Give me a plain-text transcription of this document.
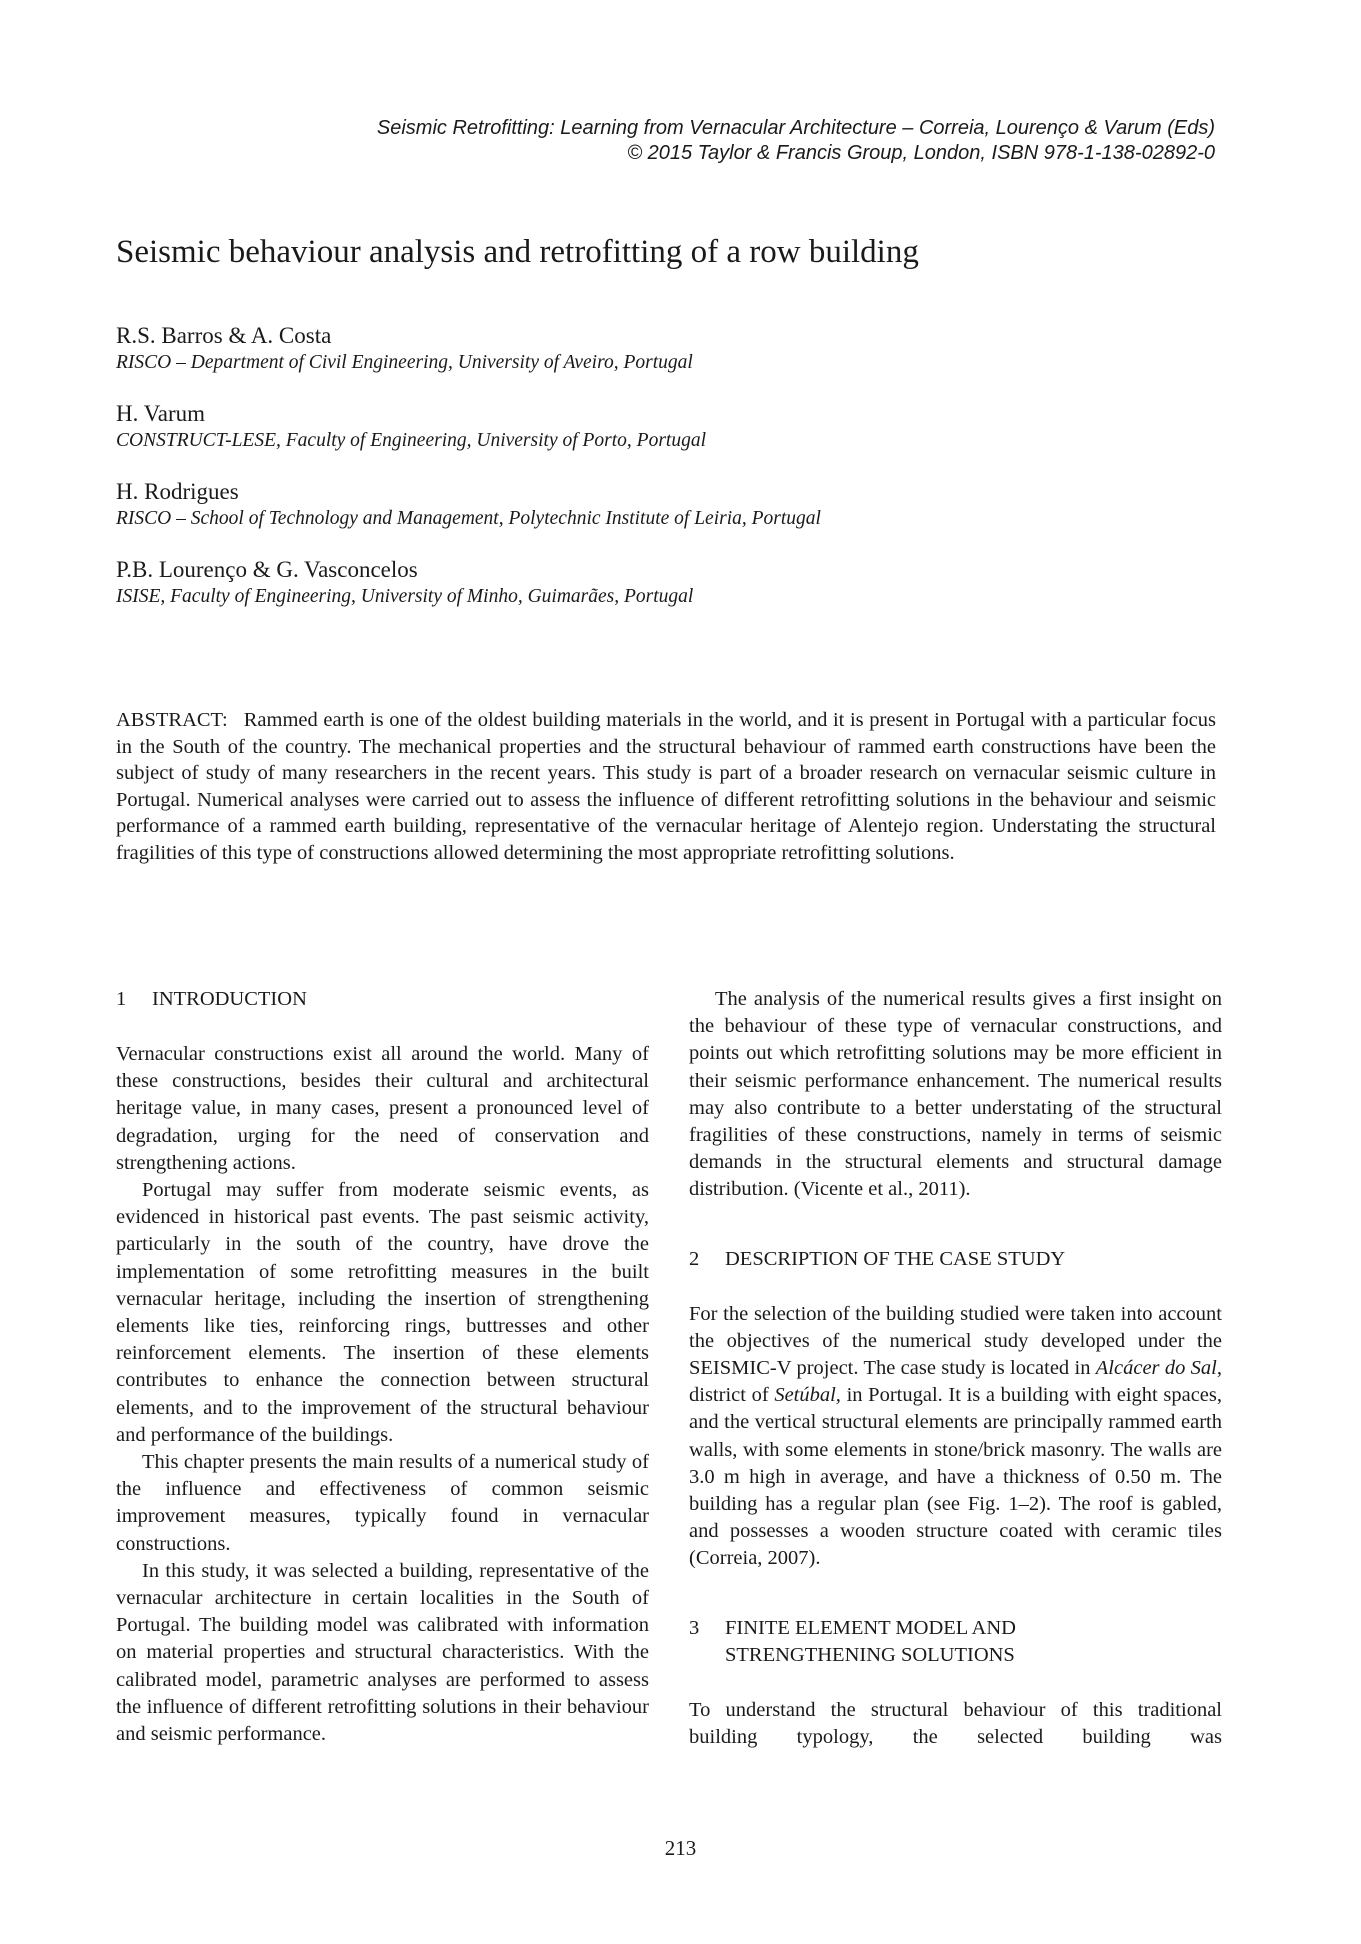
Seismic Retrofitting: Learning from Vernacular Architecture – Correia, Lourenço & Varum (Eds)
© 2015 Taylor & Francis Group, London, ISBN 978-1-138-02892-0
Seismic behaviour analysis and retrofitting of a row building
R.S. Barros & A. Costa
RISCO – Department of Civil Engineering, University of Aveiro, Portugal
H. Varum
CONSTRUCT-LESE, Faculty of Engineering, University of Porto, Portugal
H. Rodrigues
RISCO – School of Technology and Management, Polytechnic Institute of Leiria, Portugal
P.B. Lourenço & G. Vasconcelos
ISISE, Faculty of Engineering, University of Minho, Guimarães, Portugal

ABSTRACT: Rammed earth is one of the oldest building materials in the world, and it is present in Portugal with a particular focus in the South of the country. The mechanical properties and the structural behaviour of rammed earth constructions have been the subject of study of many researchers in the recent years. This study is part of a broader research on vernacular seismic culture in Portugal. Numerical analyses were carried out to assess the influence of different retrofitting solutions in the behaviour and seismic performance of a rammed earth building, representative of the vernacular heritage of Alentejo region. Understating the structural fragilities of this type of constructions allowed determining the most appropriate retrofitting solutions.

1	INTRODUCTION

Vernacular constructions exist all around the world. Many of these constructions, besides their cultural and architectural heritage value, in many cases, present a pronounced level of degradation, urging for the need of conservation and strengthening actions.

Portugal may suffer from moderate seismic events, as evidenced in historical past events. The past seismic activity, particularly in the south of the country, have drove the implementation of some retrofitting measures in the built vernacular heritage, including the insertion of strengthening elements like ties, reinforcing rings, buttresses and other reinforcement elements. The insertion of these elements contributes to enhance the connection between structural elements, and to the improvement of the structural behaviour and performance of the buildings.

This chapter presents the main results of a numerical study of the influence and effectiveness of common seismic improvement measures, typically found in vernacular constructions.

In this study, it was selected a building, representative of the vernacular architecture in certain localities in the South of Portugal. The building model was calibrated with information on material properties and structural characteristics. With the calibrated model, parametric analyses are performed to assess the influence of different retrofitting solutions in their behaviour and seismic performance.

The analysis of the numerical results gives a first insight on the behaviour of these type of vernacular constructions, and points out which retrofitting solutions may be more efficient in their seismic performance enhancement. The numerical results may also contribute to a better understating of the structural fragilities of these constructions, namely in terms of seismic demands in the structural elements and structural damage distribution. (Vicente et al., 2011).

2	DESCRIPTION OF THE CASE STUDY

For the selection of the building studied were taken into account the objectives of the numerical study developed under the SEISMIC-V project. The case study is located in Alcácer do Sal, district of Setúbal, in Portugal. It is a building with eight spaces, and the vertical structural elements are principally rammed earth walls, with some elements in stone/brick masonry. The walls are 3.0 m high in average, and have a thickness of 0.50 m. The building has a regular plan (see Fig. 1–2). The roof is gabled, and possesses a wooden structure coated with ceramic tiles (Correia, 2007).

3	FINITE ELEMENT MODEL AND
STRENGTHENING SOLUTIONS

To understand the structural behaviour of this traditional building typology, the selected building was

213
